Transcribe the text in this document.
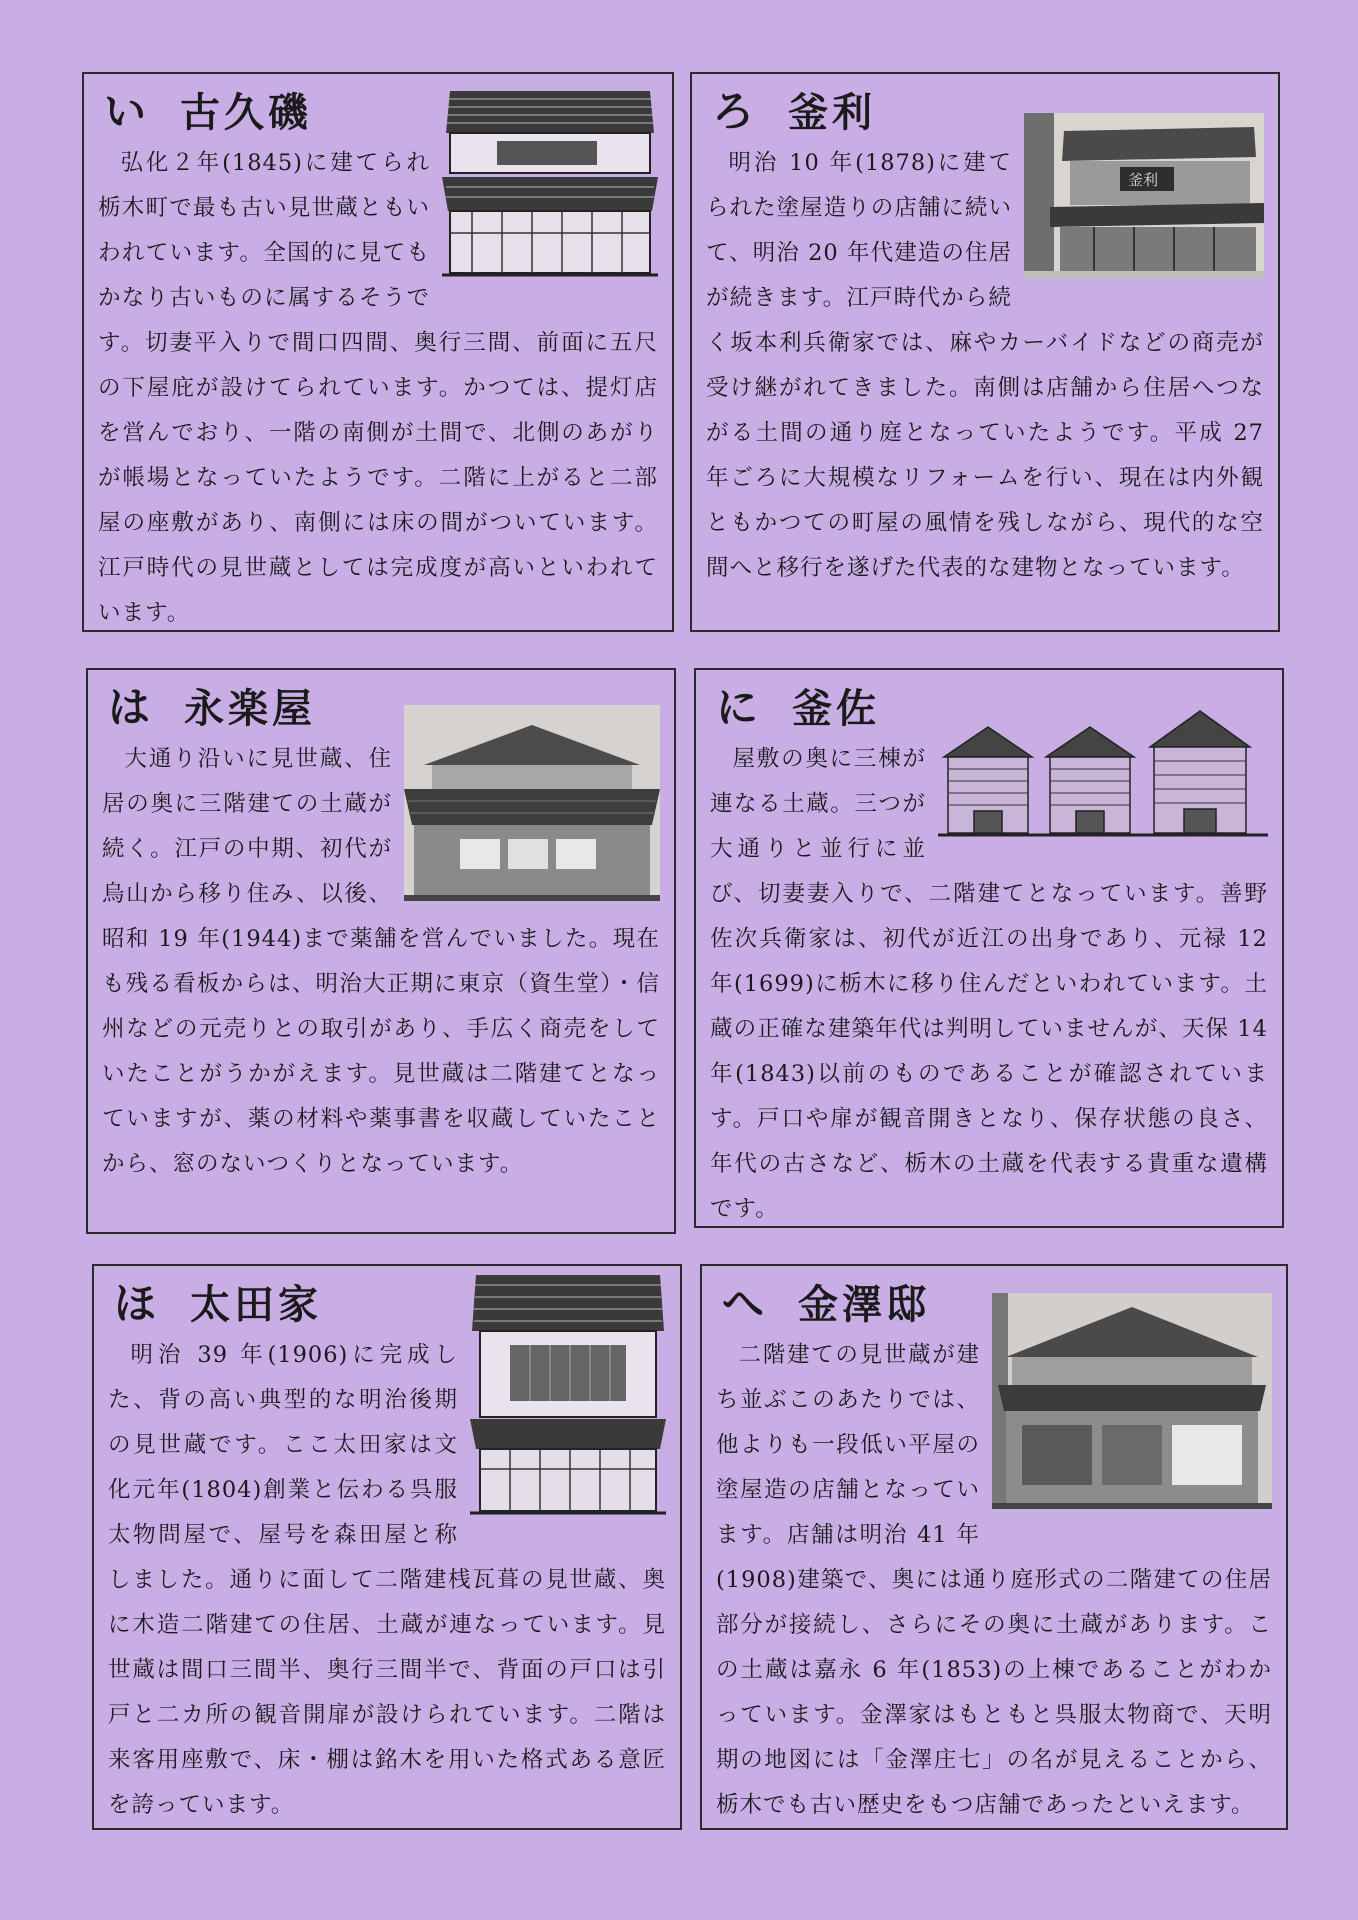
い 古久磯

弘化２年(1845)に建てられ栃木町で最も古い見世蔵ともいわれています。全国的に見てもかなり古いものに属するそうです。切妻平入りで間口四間、奥行三間、前面に五尺の下屋庇が設けてられています。かつては、提灯店を営んでおり、一階の南側が土間で、北側のあがりが帳場となっていたようです。二階に上がると二部屋の座敷があり、南側には床の間がついています。江戸時代の見世蔵としては完成度が高いといわれています。

ろ 釜利
釜利

明治 10 年(1878)に建てられた塗屋造りの店舗に続いて、明治 20 年代建造の住居が続きます。江戸時代から続く坂本利兵衛家では、麻やカーバイドなどの商売が受け継がれてきました。南側は店舗から住居へつながる土間の通り庭となっていたようです。平成 27 年ごろに大規模なリフォームを行い、現在は内外観ともかつての町屋の風情を残しながら、現代的な空間へと移行を遂げた代表的な建物となっています。

は 永楽屋

大通り沿いに見世蔵、住居の奥に三階建ての土蔵が続く。江戸の中期、初代が烏山から移り住み、以後、昭和 19 年(1944)まで薬舗を営んでいました。現在も残る看板からは、明治大正期に東京（資生堂）・信州などの元売りとの取引があり、手広く商売をしていたことがうかがえます。見世蔵は二階建てとなっていますが、薬の材料や薬事書を収蔵していたことから、窓のないつくりとなっています。

に 釜佐

屋敷の奥に三棟が連なる土蔵。三つが大通りと並行に並び、切妻妻入りで、二階建てとなっています。善野佐次兵衛家は、初代が近江の出身であり、元禄 12 年(1699)に栃木に移り住んだといわれています。土蔵の正確な建築年代は判明していませんが、天保 14 年(1843)以前のものであることが確認されています。戸口や扉が観音開きとなり、保存状態の良さ、年代の古さなど、栃木の土蔵を代表する貴重な遺構です。

ほ 太田家

明治 39 年(1906)に完成した、背の高い典型的な明治後期の見世蔵です。ここ太田家は文化元年(1804)創業と伝わる呉服太物問屋で、屋号を森田屋と称しました。通りに面して二階建桟瓦葺の見世蔵、奥に木造二階建ての住居、土蔵が連なっています。見世蔵は間口三間半、奥行三間半で、背面の戸口は引戸と二カ所の観音開扉が設けられています。二階は来客用座敷で、床・棚は銘木を用いた格式ある意匠を誇っています。

へ 金澤邸

二階建ての見世蔵が建ち並ぶこのあたりでは、他よりも一段低い平屋の塗屋造の店舗となっています。店舗は明治 41 年(1908)建築で、奥には通り庭形式の二階建ての住居部分が接続し、さらにその奥に土蔵があります。この土蔵は嘉永 6 年(1853)の上棟であることがわかっています。金澤家はもともと呉服太物商で、天明期の地図には「金澤庄七」の名が見えることから、栃木でも古い歴史をもつ店舗であったといえます。
